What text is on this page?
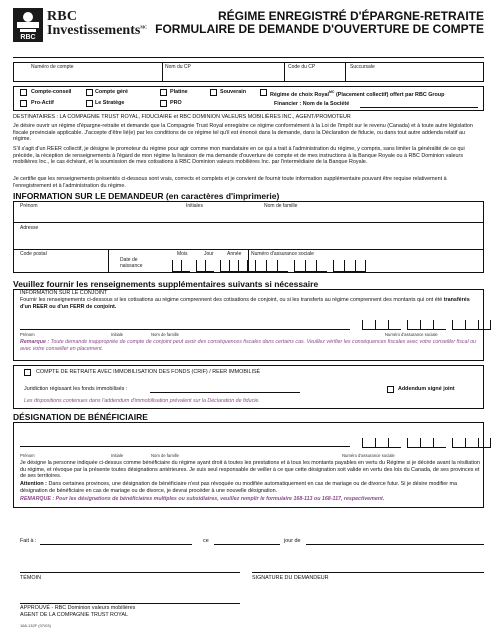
RBC
RBC
Investissements$^{MC}$
RÉGIME ENREGISTRÉ D'ÉPARGNE-RETRAITE
FORMULAIRE DE DEMANDE D'OUVERTURE DE COMPTE
Numéro de compte	Nom du CP	Code du CP	Succursale
Compte-conseil	Compte géré	Platine	Souverain	Régime de choix Royal$^{MC}$ (Placement collectif) offert par RBC Group
Pro-Actif	Le Stratège	PRO	Financier : Nom de la Société
DESTINATAIRES : LA COMPAGNIE TRUST ROYAL, FIDUCIAIRE et RBC DOMINION VALEURS MOBILIÈRES INC., AGENT/PROMOTEUR
Je désire ouvrir un régime d'épargne-retraite et demande que la Compagnie Trust Royal enregistre ce régime conformément à la Loi de l'impôt sur le revenu (Canada) et à toute autre législation fiscale provinciale applicable. J'accepte d'être lié(e) par les conditions de ce régime tel qu'il est énoncé dans la demande, dans la Déclaration de fiducie, ou dans tout autre addenda relatif au régime.
S'il s'agit d'un REER collectif, je désigne le promoteur du régime pour agir comme mon mandataire en ce qui a trait à l'administration du régime, y compris, sans limiter la généralité de ce qui précède, la réception de renseignements à l'égard de mon régime la livraison de ma demande d'ouverture de compte et de mes instructions à la Banque Royale ou à RBC Dominion valeurs mobilières Inc., le cas échéant, et la soumission de mes cotisations à RBC Dominion valeurs mobilières Inc. par l'intermédiaire de la Banque Royale.
Je certifie que les renseignements présentés ci-dessous sont vrais, corrects et complets et je convient de fournir toute information supplémentaire pouvant être requise relativement à l'enregistrement et à l'administration du régime.
INFORMATION SUR LE DEMANDEUR (en caractères d'imprimerie)
Prénom	Initiales	Nom de famille
Adresse
Code postal
Date de naissance
Mois	Jour	Année Numéro d'assurance sociale
Veuillez fournir les renseignements supplémentaires suivants si nécessaire
INFORMATION SUR LE CONJOINT
Fournir les renseignements ci-dessous si les cotisations au régime comprennent des cotisations de conjoint, ou si les transferts au régime comprennent des montants qui ont été transférés d'un REER ou d'un FERR de conjoint.
Prénom	Initiale	Nom de famille	Numéro d'assurance sociale
Remarque : Toute demande inappropriée de compte de conjoint peut avoir des conséquences fiscales dans certains cas. Veuillez vérifier les conséquences fiscales avec votre conseiller fiscal ou avec votre conseiller en placement.
COMPTE DE RETRAITE AVEC IMMOBILISATION DES FONDS (CRIF) / REER IMMOBILISÉ
Juridiction régissant les fonds immobilisés :	Addendum signé joint
Les dispositions contenues dans l'addendum d'immobilisation prévalent sur la Déclaration de fiducie.
DÉSIGNATION DE BÉNÉFICIAIRE
Prénom	Initiale	Nom de famille	Numéro d'assurance sociale
Je désigne la personne indiquée ci-dessus comme bénéficiaire du régime ayant droit à toutes les prestations et à tous les montants payables en vertu du Régime si je décède avant la résiliation du régime, et révoque par la présente toutes désignations antérieures. Je suis seul responsable de veiller à ce que cette désignation soit valide en vertu des lois du Canada, de ses provinces et de ses territoires.
Attention : Dans certaines provinces, une désignation de bénéficiaire n'est pas révoquée ou modifiée automatiquement en cas de mariage ou de divorce futur. Si je désire modifier ma désignation de bénéficiaire en cas de mariage ou de divorce, je devrai procéder à une nouvelle désignation.
REMARQUE : Pour les désignations de bénéficiaires multiples ou subsidiaires, veuillez remplir le formulaire 168-113 ou 168-117, respectivement.
Fait à :	ce	jour de
TÉMOIN	SIGNATURE DU DEMANDEUR
APPROUVÉ - RBC Dominion valeurs mobilières
AGENT DE LA COMPAGNIE TRUST ROYAL
168-132F (07/03)
